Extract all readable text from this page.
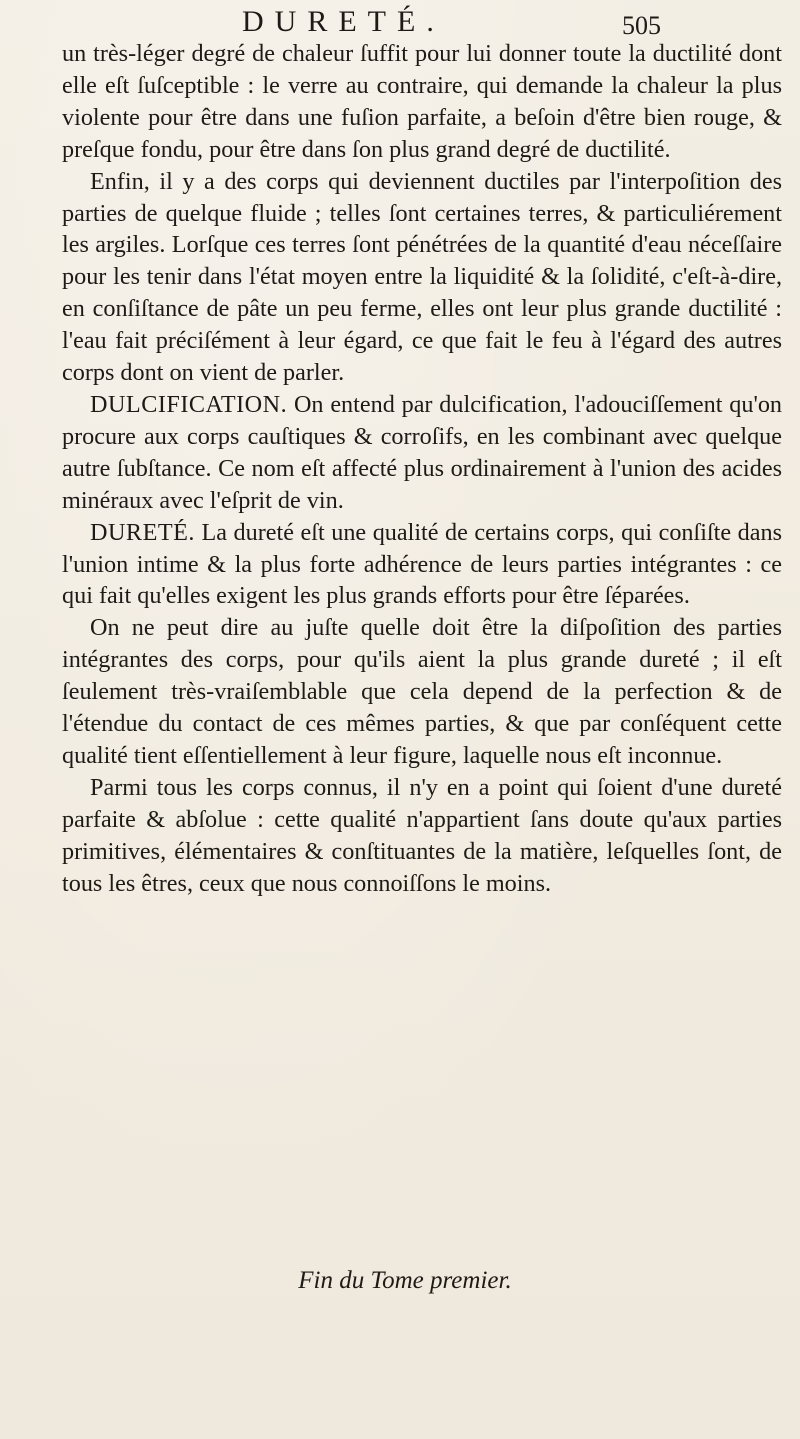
DURETÉ.	505

un très-léger degré de chaleur ſuffit pour lui donner toute la ductilité dont elle eſt ſuſceptible : le verre au contraire, qui demande la chaleur la plus violente pour être dans une fuſion parfaite, a beſoin d'être bien rouge, & preſque fondu, pour être dans ſon plus grand degré de ductilité.

Enfin, il y a des corps qui deviennent ductiles par l'interpoſition des parties de quelque fluide ; telles ſont certaines terres, & particuliérement les argiles. Lorſque ces terres ſont pénétrées de la quantité d'eau néceſſaire pour les tenir dans l'état moyen entre la liquidité & la ſolidité, c'eſt-à-dire, en conſiſtance de pâte un peu ferme, elles ont leur plus grande ductilité : l'eau fait préciſément à leur égard, ce que fait le feu à l'égard des autres corps dont on vient de parler.

DULCIFICATION. On entend par dulcification, l'adouciſſement qu'on procure aux corps cauſtiques & corroſifs, en les combinant avec quelque autre ſubſtance. Ce nom eſt affecté plus ordinairement à l'union des acides minéraux avec l'eſprit de vin.

DURETÉ. La dureté eſt une qualité de certains corps, qui conſiſte dans l'union intime & la plus forte adhérence de leurs parties intégrantes : ce qui fait qu'elles exigent les plus grands efforts pour être ſéparées.

On ne peut dire au juſte quelle doit être la diſpoſition des parties intégrantes des corps, pour qu'ils aient la plus grande dureté ; il eſt ſeulement très-vraiſemblable que cela depend de la perfection & de l'étendue du contact de ces mêmes parties, & que par conſéquent cette qualité tient eſſentiellement à leur figure, laquelle nous eſt inconnue.

Parmi tous les corps connus, il n'y en a point qui ſoient d'une dureté parfaite & abſolue : cette qualité n'appartient ſans doute qu'aux parties primitives, élémentaires & conſtituantes de la matière, leſquelles ſont, de tous les êtres, ceux que nous connoiſſons le moins.

Fin du Tome premier.
